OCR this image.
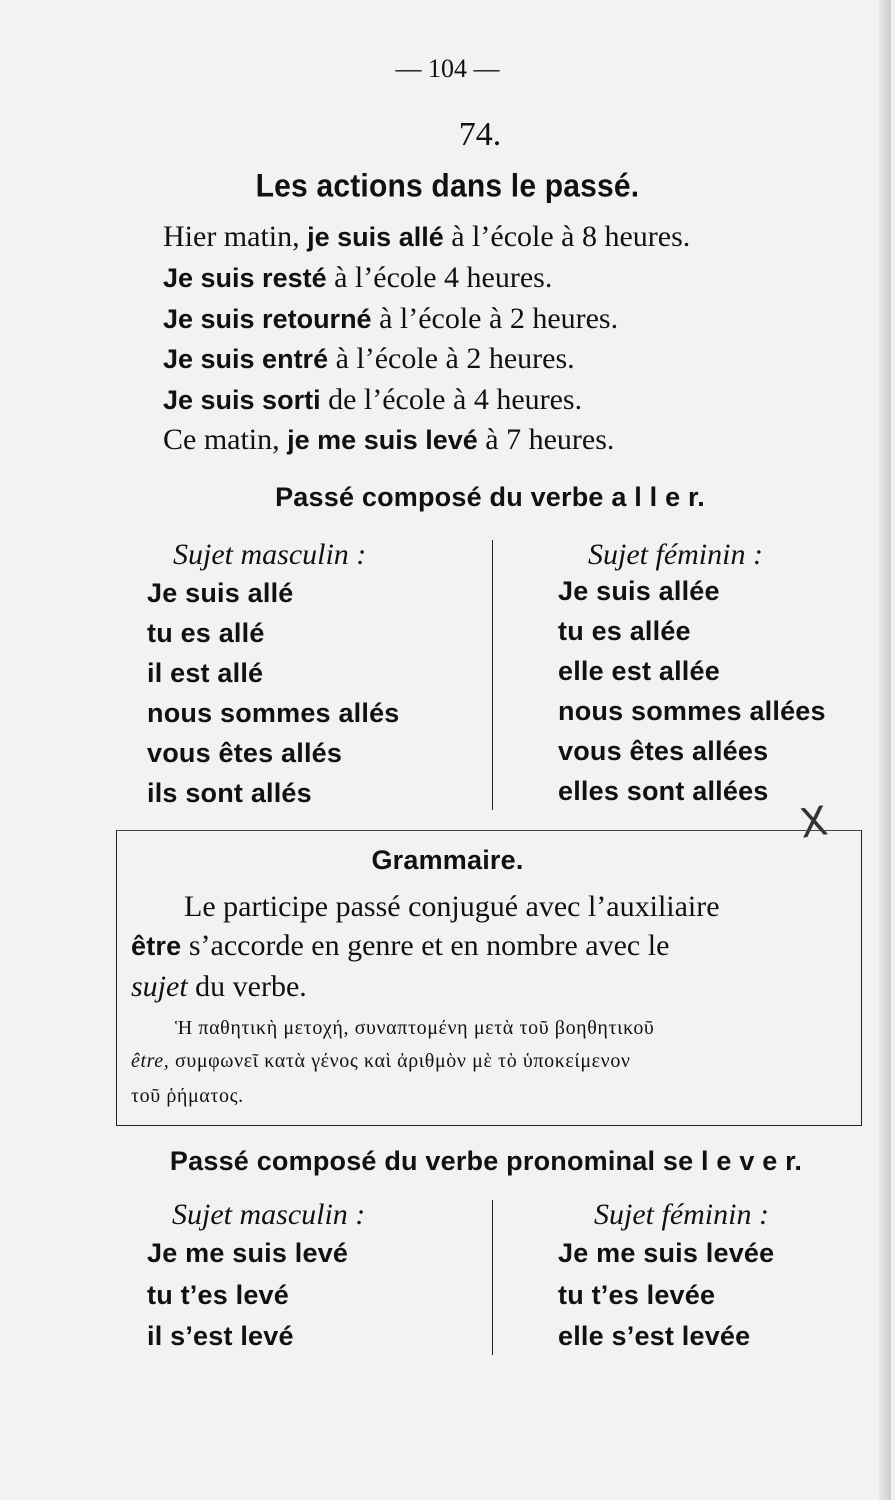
— 104 —
74.
Les actions dans le passé.
Hier matin, je suis allé à l’école à 8 heures.
Je suis resté à l’école 4 heures.
Je suis retourné à l’école à 2 heures.
Je suis entré à l’école à 2 heures.
Je suis sorti de l’école à 4 heures.
Ce matin, je me suis levé à 7 heures.
Passé composé du verbe a l l e r.
Sujet masculin :	Sujet féminin :
Je suis allé
tu es allé
il est allé
nous sommes allés
vous êtes allés
ils sont allés
Je suis allée
tu es allée
elle est allée
nous sommes allées
vous êtes allées
elles sont allées
X
Grammaire.
Le participe passé conjugué avec l’auxiliaire
être s’accorde en genre et en nombre avec le
sujet du verbe.
Ἡ παθητικὴ μετοχή, συναπτομένη μετὰ τοῦ βοηθητικοῦ
être, συμφωνεῖ κατὰ γένος καὶ ἀριθμὸν μὲ τὸ ὑποκείμενον
τοῦ ῥήματος.
Passé composé du verbe pronominal se l e v e r.
Sujet masculin :	Sujet féminin :
Je me suis levé
tu t’es levé
il s’est levé
Je me suis levée
tu t’es levée
elle s’est levée
